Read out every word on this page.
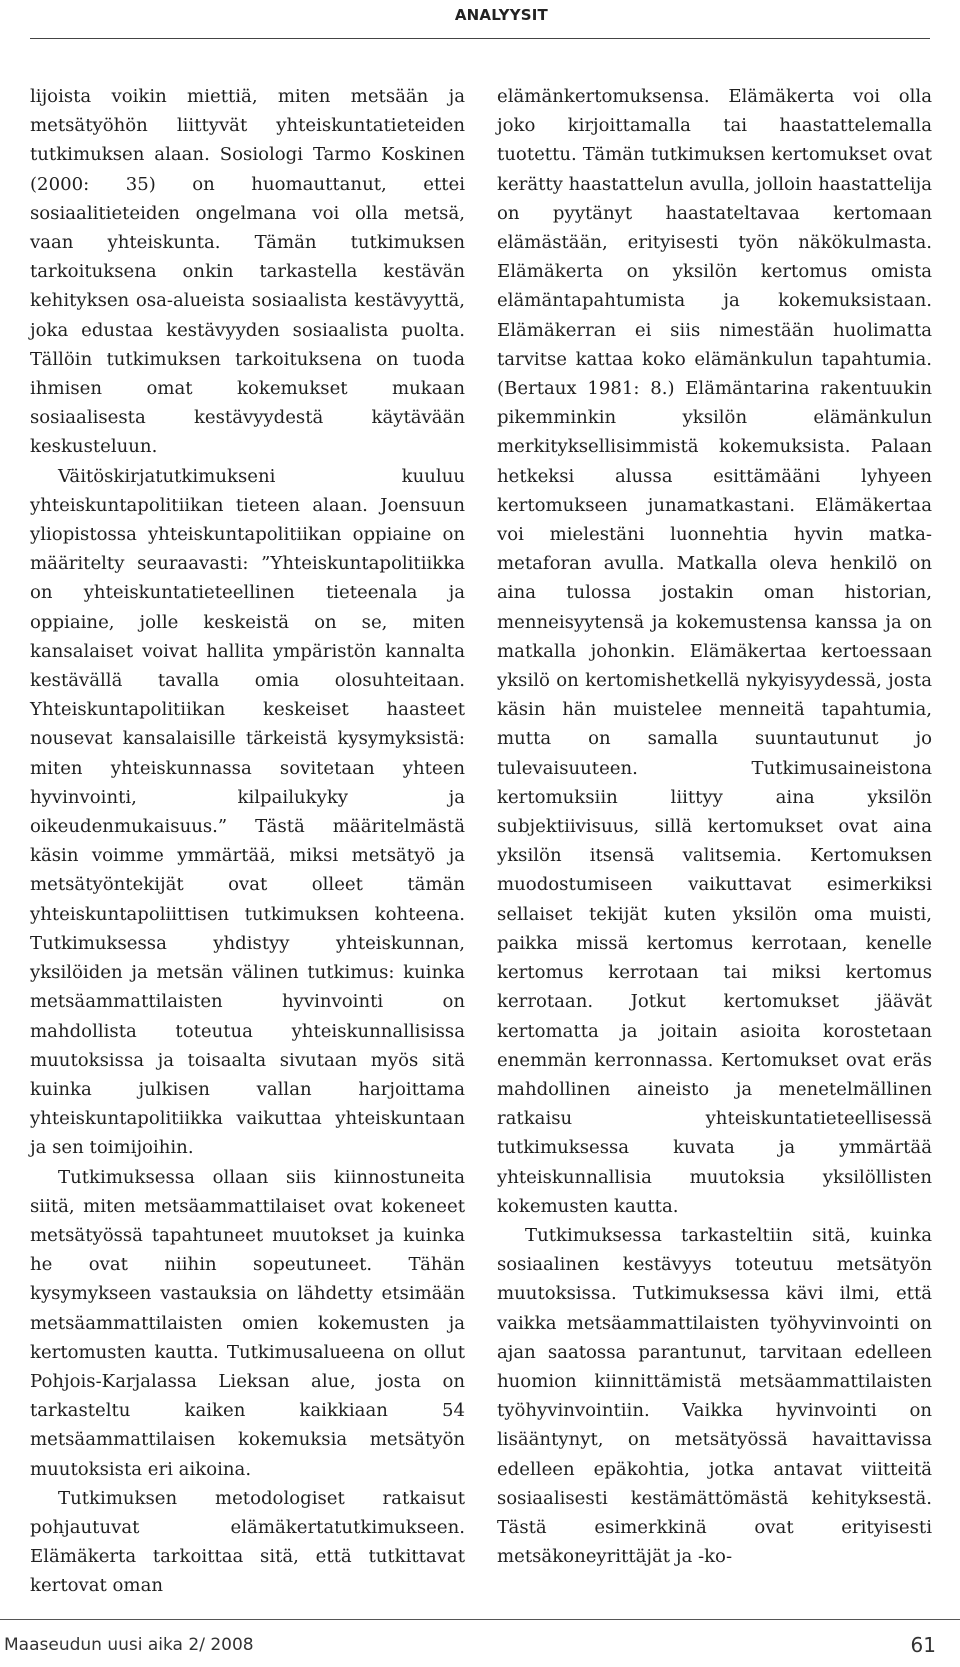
ANALYYSIT

lijoista voikin miettiä, miten metsään ja metsätyöhön liittyvät yhteiskuntatieteiden tutkimuksen alaan. Sosiologi Tarmo Koskinen (2000: 35) on huomauttanut, ettei sosiaalitieteiden ongelmana voi olla metsä, vaan yhteiskunta. Tämän tutkimuksen tarkoituksena onkin tarkastella kestävän kehityksen osa-alueista sosiaalista kestävyyttä, joka edustaa kestävyyden sosiaalista puolta. Tällöin tutkimuksen tarkoituksena on tuoda ihmisen omat kokemukset mukaan sosiaalisesta kestävyydestä käytävään keskusteluun.

Väitöskirjatutkimukseni kuuluu yhteiskuntapolitiikan tieteen alaan. Joensuun yliopistossa yhteiskuntapolitiikan oppiaine on määritelty seuraavasti: ”Yhteiskuntapolitiikka on yhteiskuntatieteellinen tieteenala ja oppiaine, jolle keskeistä on se, miten kansalaiset voivat hallita ympäristön kannalta kestävällä tavalla omia olosuhteitaan. Yhteiskuntapolitiikan keskeiset haasteet nousevat kansalaisille tärkeistä kysymyksistä: miten yhteiskunnassa sovitetaan yhteen hyvinvointi, kilpailukyky ja oikeudenmukaisuus.” Tästä määritelmästä käsin voimme ymmärtää, miksi metsätyö ja metsätyöntekijät ovat olleet tämän yhteiskuntapoliittisen tutkimuksen kohteena. Tutkimuksessa yhdistyy yhteiskunnan, yksilöiden ja metsän välinen tutkimus: kuinka metsäammattilaisten hyvinvointi on mahdollista toteutua yhteiskunnallisissa muutoksissa ja toisaalta sivutaan myös sitä kuinka julkisen vallan harjoittama yhteiskuntapolitiikka vaikuttaa yhteiskuntaan ja sen toimijoihin.

Tutkimuksessa ollaan siis kiinnostuneita siitä, miten metsäammattilaiset ovat kokeneet metsätyössä tapahtuneet muutokset ja kuinka he ovat niihin sopeutuneet. Tähän kysymykseen vastauksia on lähdetty etsimään metsäammattilaisten omien kokemusten ja kertomusten kautta. Tutkimusalueena on ollut Pohjois-Karjalassa Lieksan alue, josta on tarkasteltu kaiken kaikkiaan 54 metsäammattilaisen kokemuksia metsätyön muutoksista eri aikoina.

Tutkimuksen metodologiset ratkaisut pohjautuvat elämäkertatutkimukseen. Elämäkerta tarkoittaa sitä, että tutkittavat kertovat oman

elämänkertomuksensa. Elämäkerta voi olla joko kirjoittamalla tai haastattelemalla tuotettu. Tämän tutkimuksen kertomukset ovat kerätty haastattelun avulla, jolloin haastattelija on pyytänyt haastateltavaa kertomaan elämästään, erityisesti työn näkökulmasta. Elämäkerta on yksilön kertomus omista elämäntapahtumista ja kokemuksistaan. Elämäkerran ei siis nimestään huolimatta tarvitse kattaa koko elämänkulun tapahtumia. (Bertaux 1981: 8.) Elämäntarina rakentuukin pikemminkin yksilön elämänkulun merkityksellisimmistä kokemuksista. Palaan hetkeksi alussa esittämääni lyhyeen kertomukseen junamatkastani. Elämäkertaa voi mielestäni luonnehtia hyvin matka-metaforan avulla. Matkalla oleva henkilö on aina tulossa jostakin oman historian, menneisyytensä ja kokemustensa kanssa ja on matkalla johonkin. Elämäkertaa kertoessaan yksilö on kertomishetkellä nykyisyydessä, josta käsin hän muistelee menneitä tapahtumia, mutta on samalla suuntautunut jo tulevaisuuteen. Tutkimusaineistona kertomuksiin liittyy aina yksilön subjektiivisuus, sillä kertomukset ovat aina yksilön itsensä valitsemia. Kertomuksen muodostumiseen vaikuttavat esimerkiksi sellaiset tekijät kuten yksilön oma muisti, paikka missä kertomus kerrotaan, kenelle kertomus kerrotaan tai miksi kertomus kerrotaan. Jotkut kertomukset jäävät kertomatta ja joitain asioita korostetaan enemmän kerronnassa. Kertomukset ovat eräs mahdollinen aineisto ja menetelmällinen ratkaisu yhteiskuntatieteellisessä tutkimuksessa kuvata ja ymmärtää yhteiskunnallisia muutoksia yksilöllisten kokemusten kautta.

Tutkimuksessa tarkasteltiin sitä, kuinka sosiaalinen kestävyys toteutuu metsätyön muutoksissa. Tutkimuksessa kävi ilmi, että vaikka metsäammattilaisten työhyvinvointi on ajan saatossa parantunut, tarvitaan edelleen huomion kiinnittämistä metsäammattilaisten työhyvinvointiin. Vaikka hyvinvointi on lisääntynyt, on metsätyössä havaittavissa edelleen epäkohtia, jotka antavat viitteitä sosiaalisesti kestämättömästä kehityksestä. Tästä esimerkkinä ovat erityisesti metsäkoneyrittäjät ja -ko-

Maaseudun uusi aika 2/ 2008	61
